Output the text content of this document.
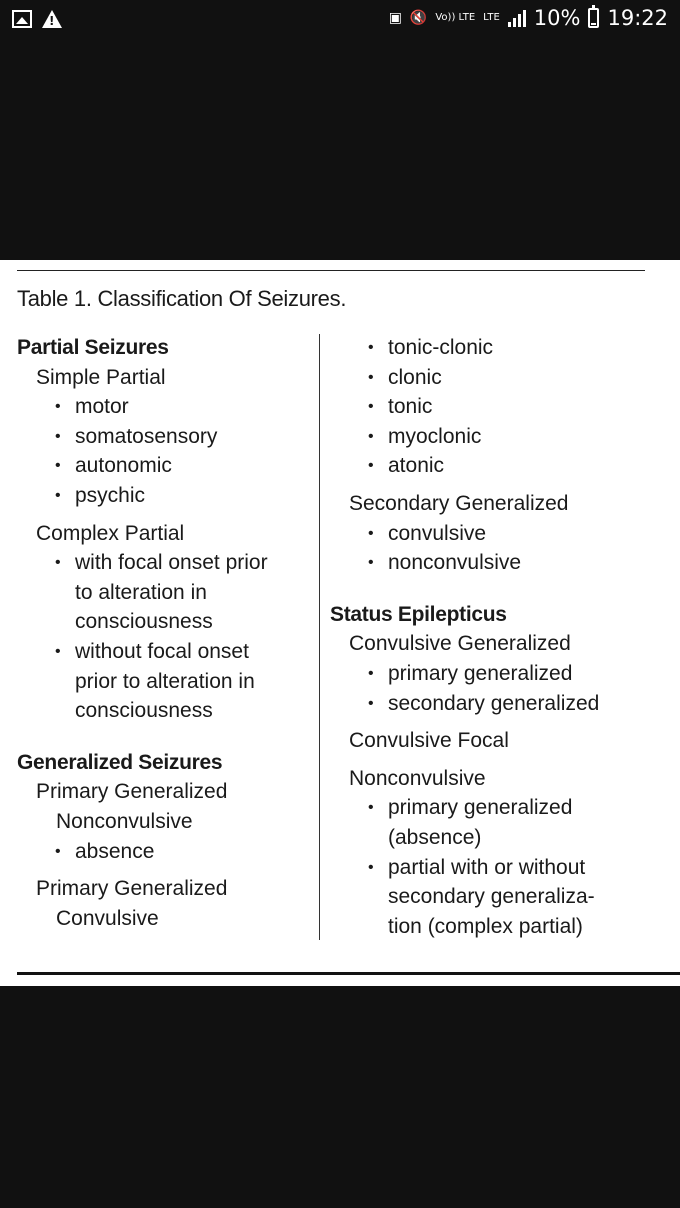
!
▣ 🔇 Vo)) LTE LTE 10% 19:22
Table 1. Classification Of Seizures.
Partial Seizures
Simple Partial
• motor
• somatosensory
• autonomic
• psychic
Complex Partial
• with focal onset prior
to alteration in
consciousness
• without focal onset
prior to alteration in
consciousness
Generalized Seizures
Primary Generalized
Nonconvulsive
• absence
Primary Generalized
Convulsive
• tonic-clonic
• clonic
• tonic
• myoclonic
• atonic
Secondary Generalized
• convulsive
• nonconvulsive
Status Epilepticus
Convulsive Generalized
• primary generalized
• secondary generalized
Convulsive Focal
Nonconvulsive
• primary generalized
(absence)
• partial with or without
secondary generaliza-
tion (complex partial)
